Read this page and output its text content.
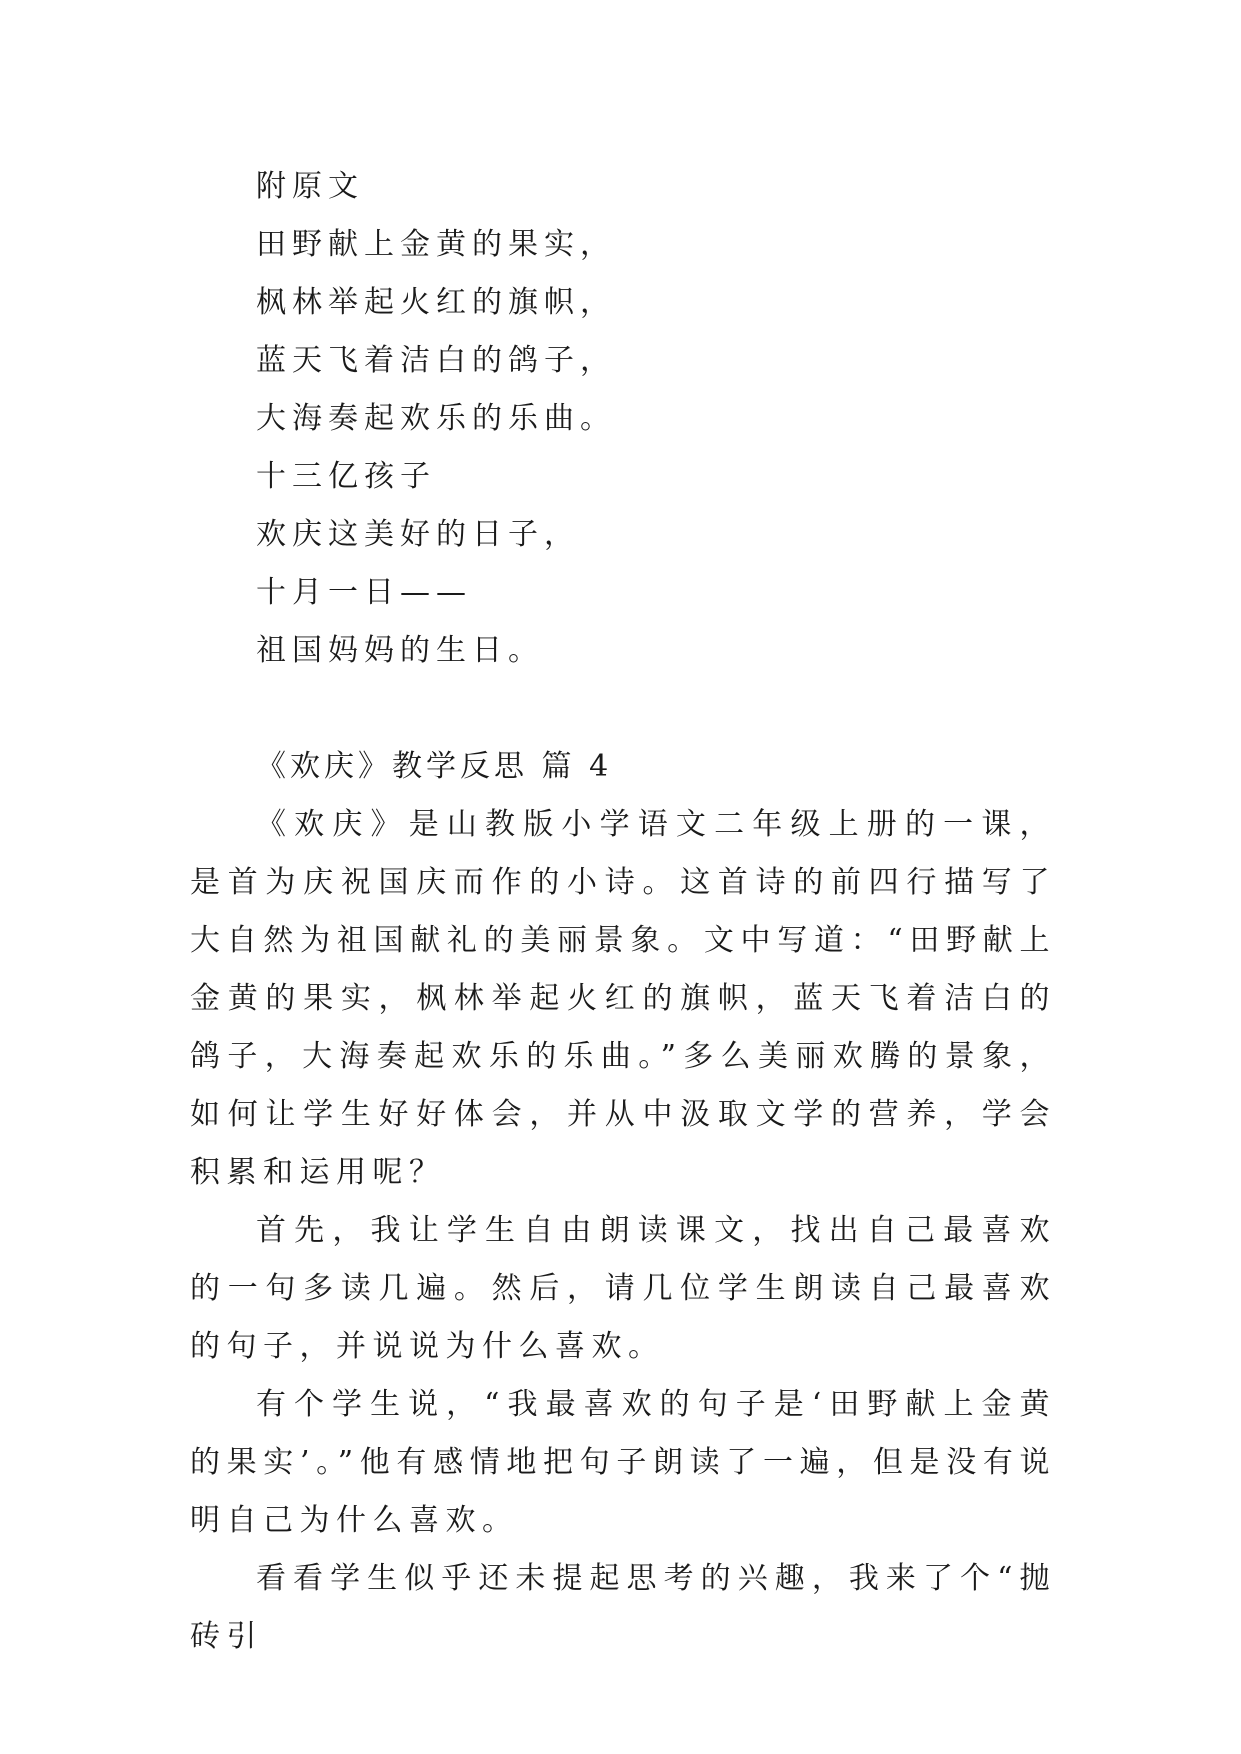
附原文
田野献上金黄的果实，
枫林举起火红的旗帜，
蓝天飞着洁白的鸽子，
大海奏起欢乐的乐曲。
十三亿孩子
欢庆这美好的日子，
十月一日——
祖国妈妈的生日。
《欢庆》教学反思 篇 4

《欢庆》是山教版小学语文二年级上册的一课，是首为庆祝国庆而作的小诗。这首诗的前四行描写了大自然为祖国献礼的美丽景象。文中写道：“田野献上金黄的果实，枫林举起火红的旗帜，蓝天飞着洁白的鸽子，大海奏起欢乐的乐曲。”多么美丽欢腾的景象，如何让学生好好体会，并从中汲取文学的营养，学会积累和运用呢？

首先，我让学生自由朗读课文，找出自己最喜欢的一句多读几遍。然后，请几位学生朗读自己最喜欢的句子，并说说为什么喜欢。

有个学生说，“我最喜欢的句子是‘田野献上金黄的果实’。”他有感情地把句子朗读了一遍，但是没有说明自己为什么喜欢。

看看学生似乎还未提起思考的兴趣，我来了个“抛砖引
